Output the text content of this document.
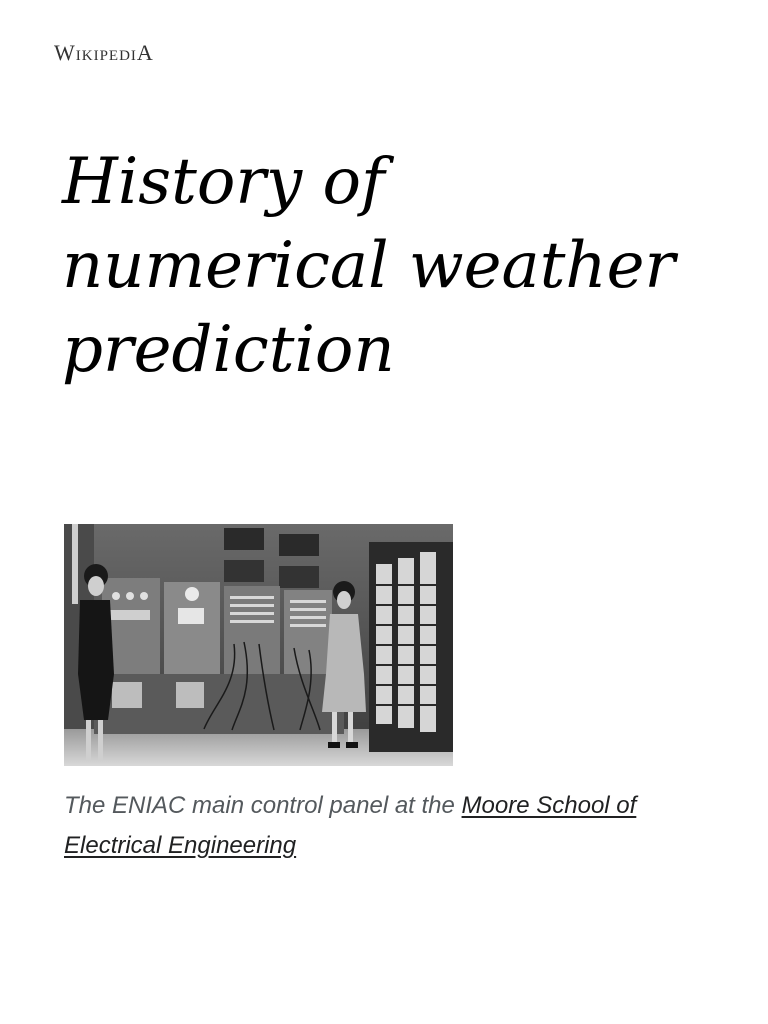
WikipediA
History of numerical weather prediction
The ENIAC main control panel at the Moore School of Electrical Engineering
